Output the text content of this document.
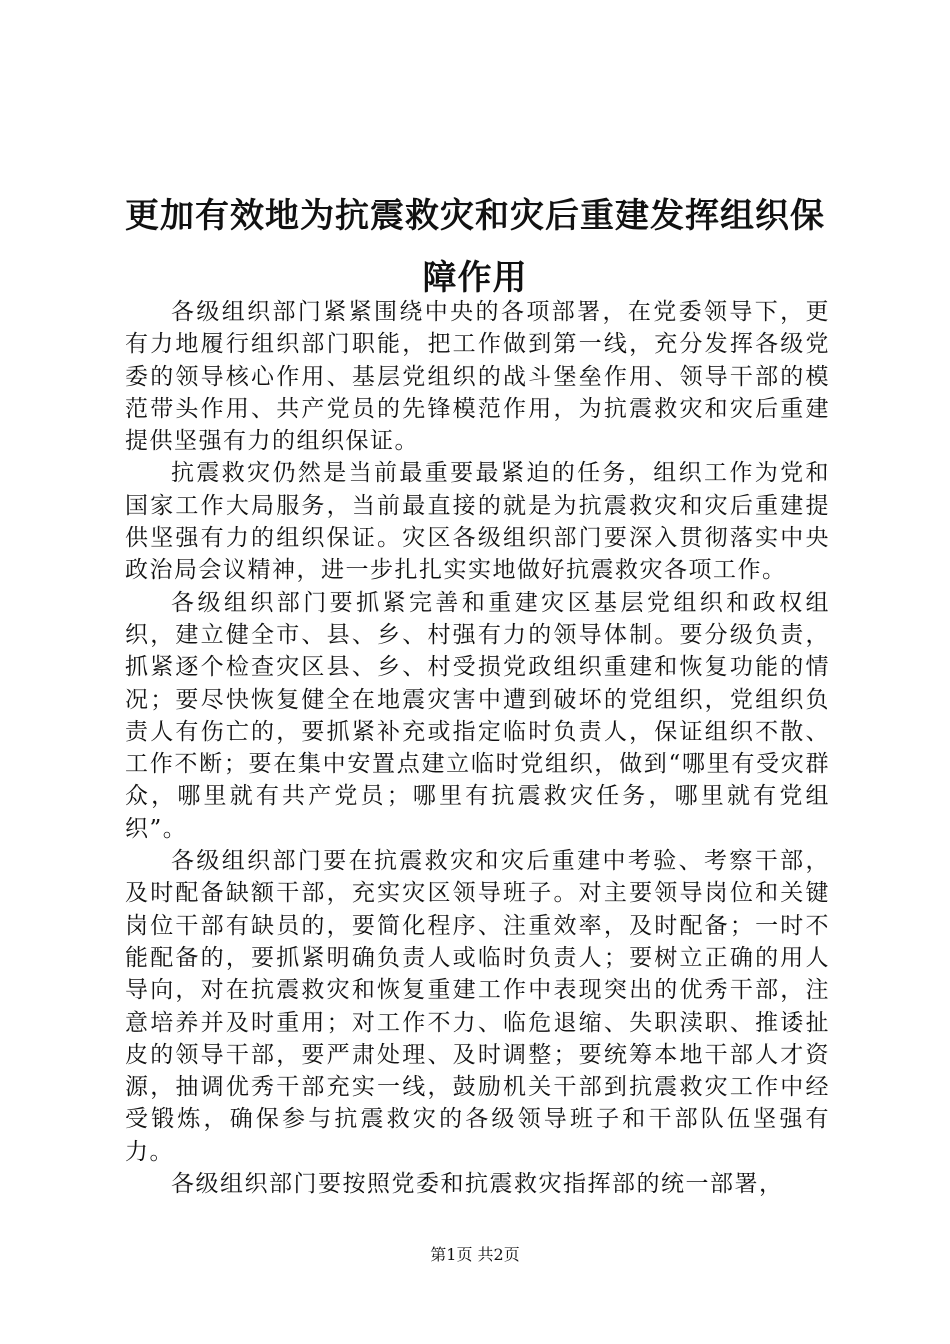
更加有效地为抗震救灾和灾后重建发挥组织保障作用

各级组织部门紧紧围绕中央的各项部署，在党委领导下，更有力地履行组织部门职能，把工作做到第一线，充分发挥各级党委的领导核心作用、基层党组织的战斗堡垒作用、领导干部的模范带头作用、共产党员的先锋模范作用，为抗震救灾和灾后重建提供坚强有力的组织保证。

抗震救灾仍然是当前最重要最紧迫的任务，组织工作为党和国家工作大局服务，当前最直接的就是为抗震救灾和灾后重建提供坚强有力的组织保证。灾区各级组织部门要深入贯彻落实中央政治局会议精神，进一步扎扎实实地做好抗震救灾各项工作。

各级组织部门要抓紧完善和重建灾区基层党组织和政权组织，建立健全市、县、乡、村强有力的领导体制。要分级负责，抓紧逐个检查灾区县、乡、村受损党政组织重建和恢复功能的情况；要尽快恢复健全在地震灾害中遭到破坏的党组织，党组织负责人有伤亡的，要抓紧补充或指定临时负责人，保证组织不散、工作不断；要在集中安置点建立临时党组织，做到“哪里有受灾群众，哪里就有共产党员；哪里有抗震救灾任务，哪里就有党组织”。

各级组织部门要在抗震救灾和灾后重建中考验、考察干部，及时配备缺额干部，充实灾区领导班子。对主要领导岗位和关键岗位干部有缺员的，要简化程序、注重效率，及时配备；一时不能配备的，要抓紧明确负责人或临时负责人；要树立正确的用人导向，对在抗震救灾和恢复重建工作中表现突出的优秀干部，注意培养并及时重用；对工作不力、临危退缩、失职渎职、推诿扯皮的领导干部，要严肃处理、及时调整；要统筹本地干部人才资源，抽调优秀干部充实一线，鼓励机关干部到抗震救灾工作中经受锻炼，确保参与抗震救灾的各级领导班子和干部队伍坚强有力。

各级组织部门要按照党委和抗震救灾指挥部的统一部署，

第1页 共2页
